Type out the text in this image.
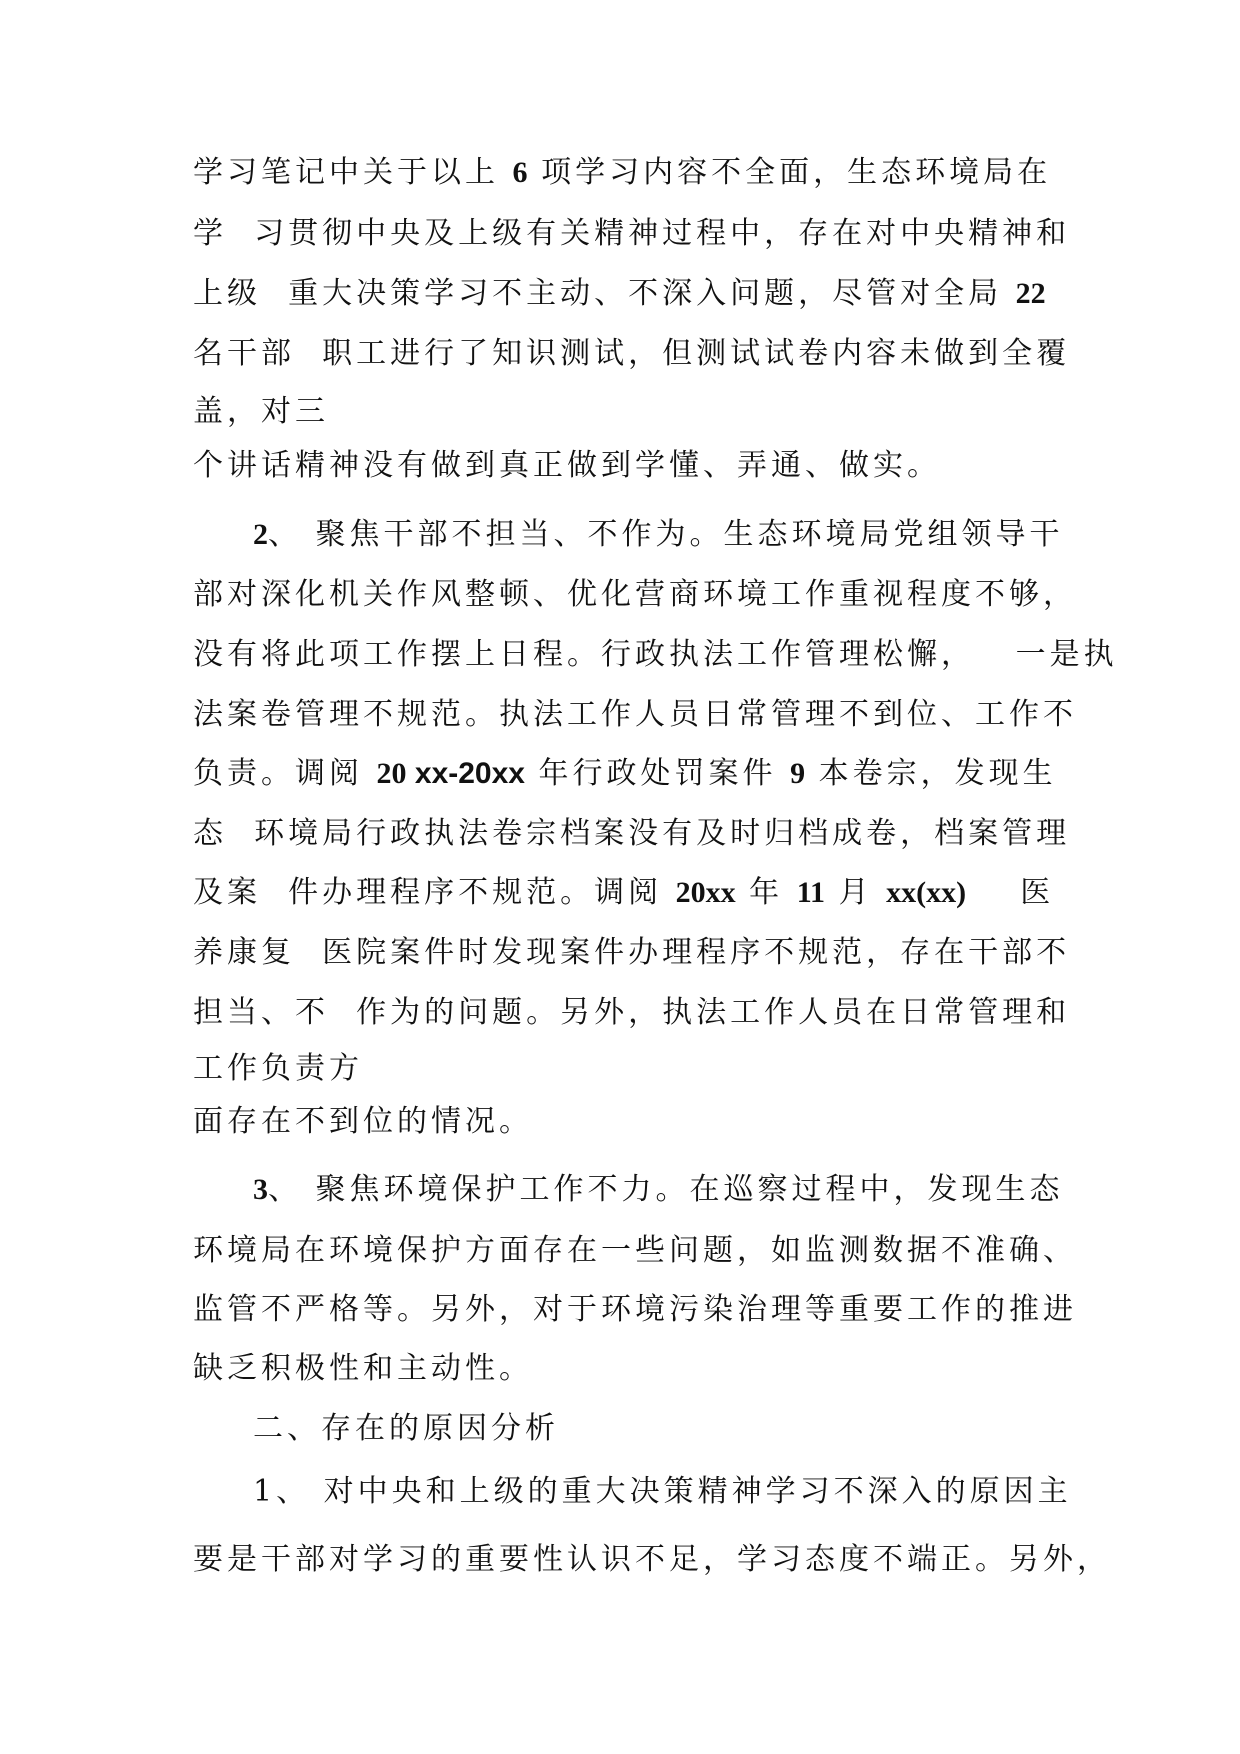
学习笔记中关于以上 6 项学习内容不全面，生态环境局在
学  习贯彻中央及上级有关精神过程中，存在对中央精神和
上级  重大决策学习不主动、不深入问题，尽管对全局 22
名干部  职工进行了知识测试，但测试试卷内容未做到全覆
盖，对三
个讲话精神没有做到真正做到学懂、弄通、做实。
2、 聚焦干部不担当、不作为。生态环境局党组领导干
部对深化机关作风整顿、优化营商环境工作重视程度不够，
没有将此项工作摆上日程。行政执法工作管理松懈，   一是执
法案卷管理不规范。执法工作人员日常管理不到位、工作不
负责。调阅 20 xx-20xx 年行政处罚案件 9 本卷宗，发现生
态  环境局行政执法卷宗档案没有及时归档成卷，档案管理
及案  件办理程序不规范。调阅 20xx 年 11 月 xx(xx)    医
养康复  医院案件时发现案件办理程序不规范，存在干部不
担当、不  作为的问题。另外，执法工作人员在日常管理和
工作负责方
面存在不到位的情况。
3、 聚焦环境保护工作不力。在巡察过程中，发现生态
环境局在环境保护方面存在一些问题，如监测数据不准确、
监管不严格等。另外，对于环境污染治理等重要工作的推进
缺乏积极性和主动性。
二、存在的原因分析
1、 对中央和上级的重大决策精神学习不深入的原因主
要是干部对学习的重要性认识不足，学习态度不端正。另外，
